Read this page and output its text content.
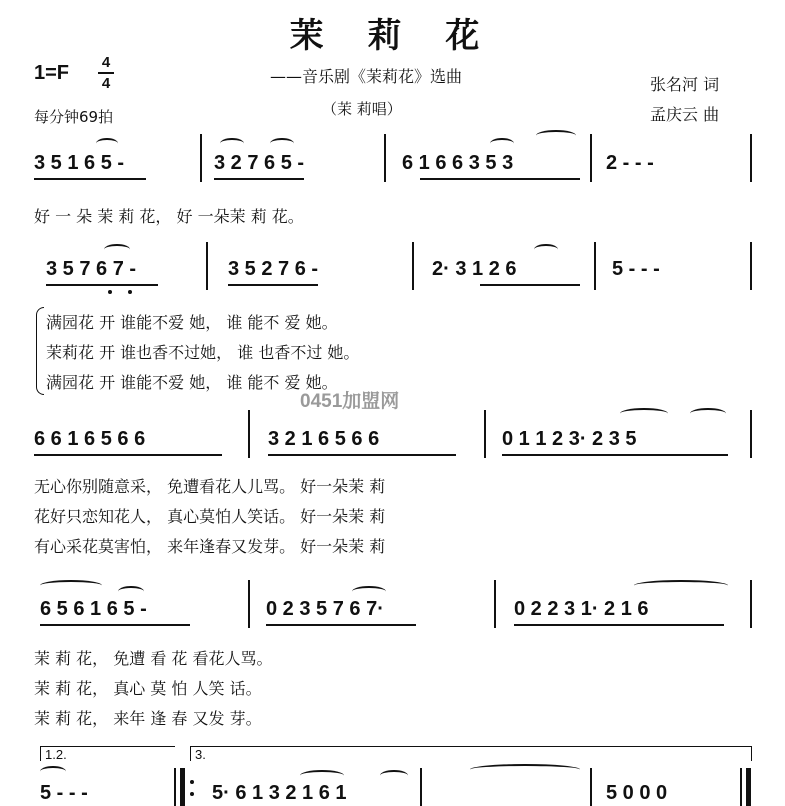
茉 莉 花
1=F 4
4
每分钟69拍
——音乐剧《茉莉花》选曲
（茉 莉唱）
张名河 词
孟庆云 曲
3 5 1 6 5 -	3 2 7 6 5 -	6 1 6 6 3 5 3	2 - - -
好 一 朵 茉 莉 花， 好 一朵茉 莉 花。
3 5 7 6 7 -	3 5 2 7 6 -	2· 3 1 2 6	5 - - -
满园花 开 谁能不爱 她， 谁 能不 爱 她。
茉莉花 开 谁也香不过她， 谁 也香不过 她。
满园花 开 谁能不爱 她， 谁 能不 爱 她。
0451加盟网
6 6 1 6 5 6 6	3 2 1 6 5 6 6	0 1 1 2 3· 2 3 5
无心你别随意采， 免遭看花人儿骂。 好一朵茉 莉
花好只恋知花人， 真心莫怕人笑话。 好一朵茉 莉
有心采花莫害怕， 来年逢春又发芽。 好一朵茉 莉
6 5 6 1 6 5 -	0 2 3 5 7 6 7·	0 2 2 3 1· 2 1 6
茉 莉 花， 免遭 看 花 看花人骂。
茉 莉 花， 真心 莫 怕 人笑 话。
茉 莉 花， 来年 逢 春 又发 芽。
1.2.	3.
5 - - -	5· 6 1 3 2 1 6 1	5 0 0 0
